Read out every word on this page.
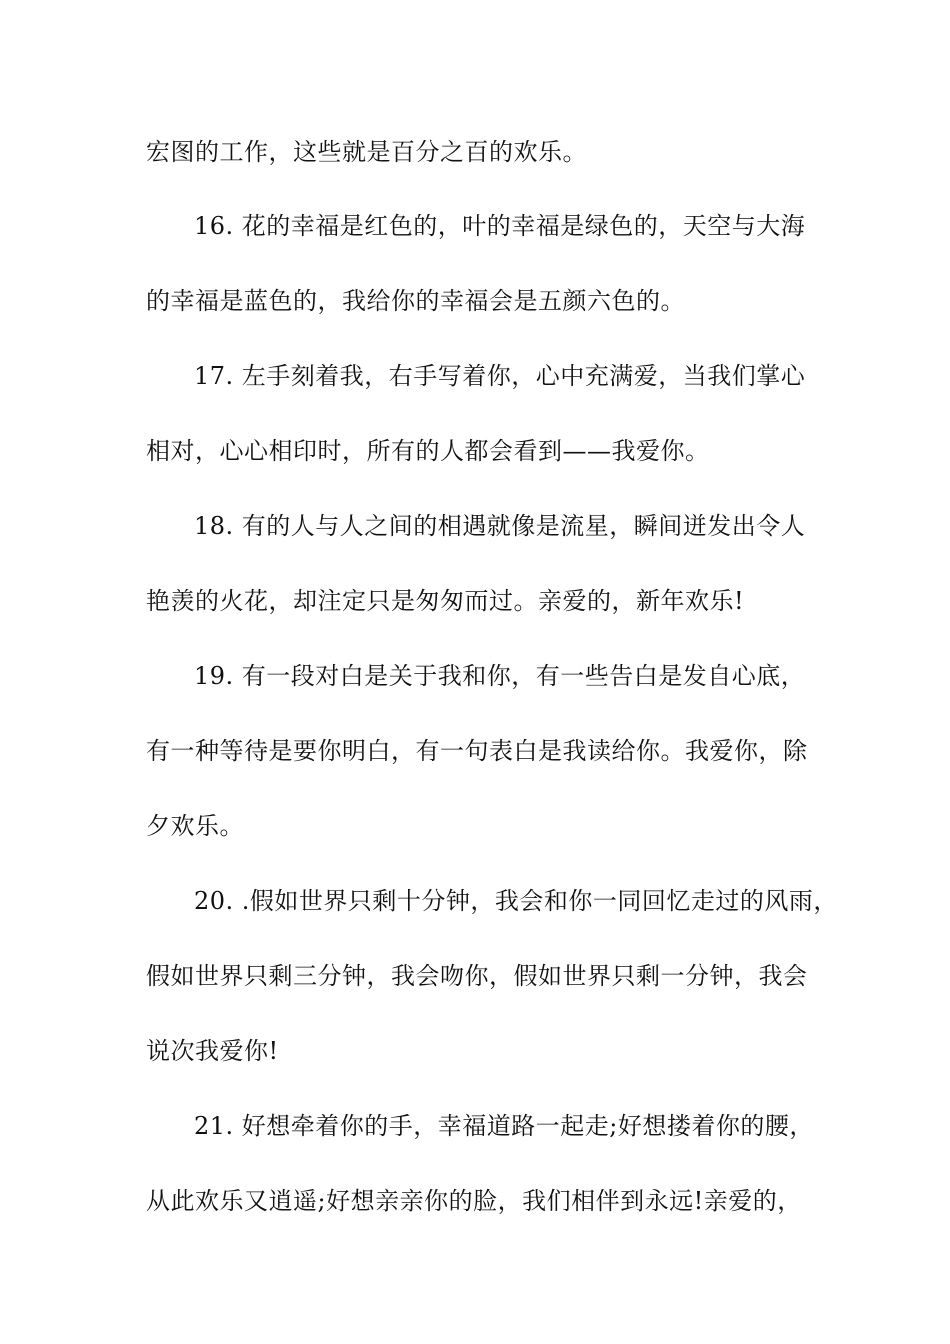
宏图的工作，这些就是百分之百的欢乐。
16. 花的幸福是红色的，叶的幸福是绿色的，天空与大海
的幸福是蓝色的，我给你的幸福会是五颜六色的。
17. 左手刻着我，右手写着你，心中充满爱，当我们掌心
相对，心心相印时，所有的人都会看到——我爱你。
18. 有的人与人之间的相遇就像是流星，瞬间迸发出令人
艳羡的火花，却注定只是匆匆而过。亲爱的，新年欢乐!
19. 有一段对白是关于我和你，有一些告白是发自心底，
有一种等待是要你明白，有一句表白是我读给你。我爱你，除
夕欢乐。
20. .假如世界只剩十分钟，我会和你一同回忆走过的风雨，
假如世界只剩三分钟，我会吻你，假如世界只剩一分钟，我会
说次我爱你!
21. 好想牵着你的手，幸福道路一起走;好想搂着你的腰，
从此欢乐又逍遥;好想亲亲你的脸，我们相伴到永远!亲爱的，
